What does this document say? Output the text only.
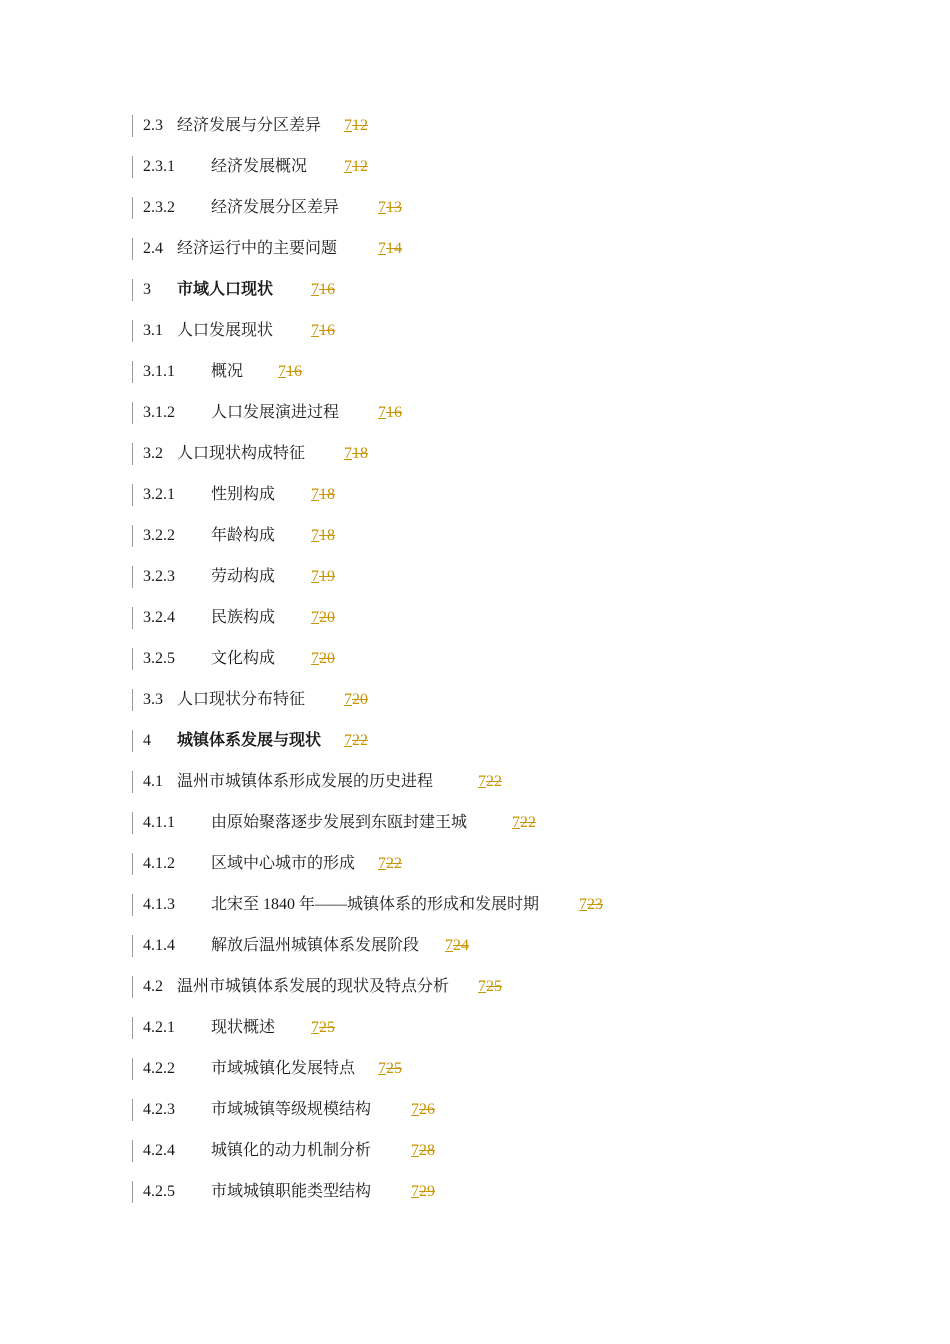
2.3 经济发展与分区差异 712
2.3.1 经济发展概况 712
2.3.2 经济发展分区差异 713
2.4 经济运行中的主要问题	714
3 市域人口现状 716
3.1 人口发展现状 716
3.1.1 概况 716
3.1.2 人口发展演进过程 716
3.2 人口现状构成特征 718
3.2.1 性别构成 718
3.2.2 年龄构成 718
3.2.3 劳动构成 719
3.2.4 民族构成 720
3.2.5 文化构成 720
3.3 人口现状分布特征 720
4 城镇体系发展与现状 722
4.1 温州市城镇体系形成发展的历史进程	722
4.1.1 由原始聚落逐步发展到东瓯封建王城	722
4.1.2 区域中心城市的形成 722
4.1.3 北宋至 1840 年——城镇体系的形成和发展时期 723
4.1.4 解放后温州城镇体系发展阶段 724
4.2 温州市城镇体系发展的现状及特点分析 725
4.2.1 现状概述 725
4.2.2 市域城镇化发展特点 725
4.2.3 市域城镇等级规模结构 726
4.2.4 城镇化的动力机制分析 728
4.2.5 市域城镇职能类型结构 729
